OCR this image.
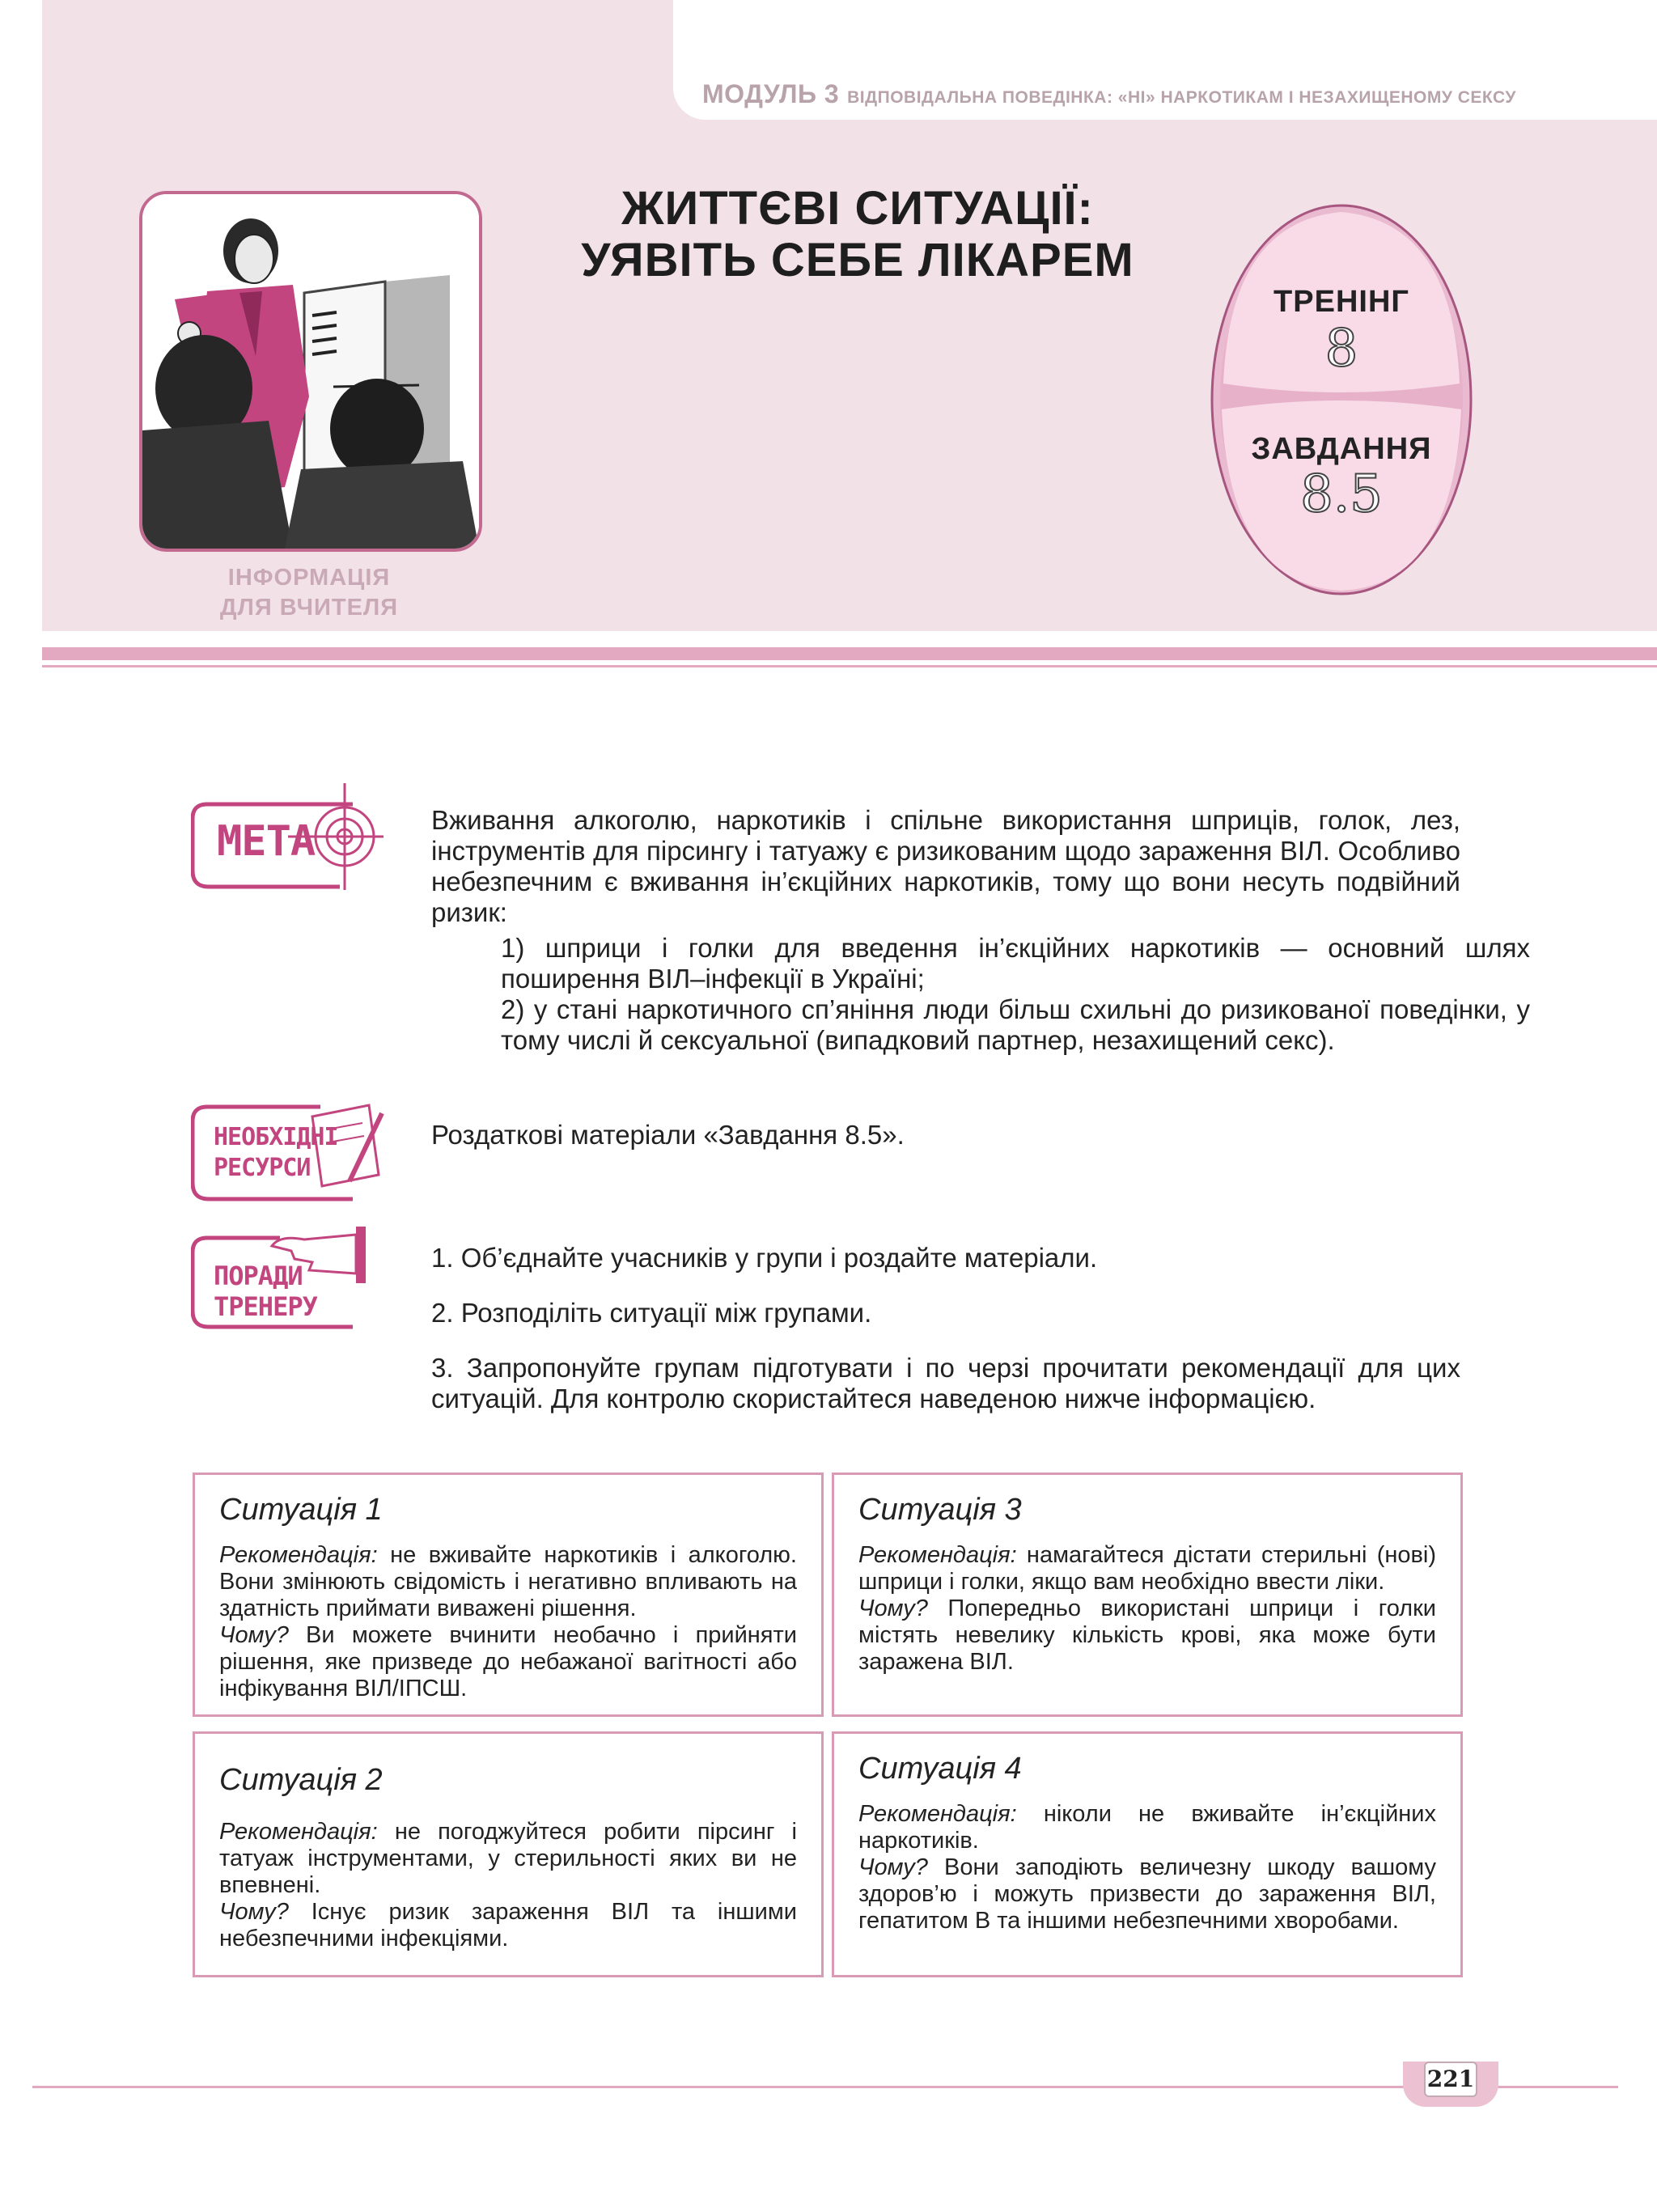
МОДУЛЬ 3 ВІДПОВІДАЛЬНА ПОВЕДІНКА: «НІ» НАРКОТИКАМ І НЕЗАХИЩЕНОМУ СЕКСУ
ІНФОРМАЦІЯ
ДЛЯ ВЧИТЕЛЯ
ЖИТТЄВІ СИТУАЦІЇ:
УЯВІТЬ СЕБЕ ЛІКАРЕМ
ТРЕНІНГ
8
ЗАВДАННЯ
8.5
МЕТА	Вживання алкоголю, наркотиків і спільне використання шприців, голок, лез, інструментів для пірсингу і татуажу є ризикованим щодо зараження ВІЛ. Особливо небезпечним є вживання ін’єкційних наркотиків, тому що вони несуть подвійний ризик:

1) шприци і голки для введення ін’єкційних наркотиків — основний шлях поширення ВІЛ–інфекції в Україні;

2) у стані наркотичного сп’яніння люди більш схильні до ризикованої поведінки, у тому числі й сексуальної (випадковий партнер, незахищений секс).

НЕОБХІДНІ
РЕСУРСИ

Роздаткові матеріали «Завдання 8.5».

ПОРАДИ
ТРЕНЕРУ

1. Об’єднайте учасників у групи і роздайте матеріали.

2. Розподіліть ситуації між групами.

3. Запропонуйте групам підготувати і по черзі прочитати рекомендації для цих ситуацій. Для контролю скористайтеся наведеною нижче інформацією.

Ситуація 1
Рекомендація: не вживайте наркотиків і алкоголю. Вони змінюють свідомість і негативно впливають на здатність приймати виважені рішення.
Чому? Ви можете вчинити необачно і прийняти рішення, яке призведе до небажаної вагітності або інфікування ВІЛ/ІПСШ.
Ситуація 3
Рекомендація: намагайтеся дістати стерильні (нові) шприци і голки, якщо вам необхідно ввести ліки.
Чому? Попередньо використані шприци і голки містять невелику кількість крові, яка може бути заражена ВІЛ.
Ситуація 2
Рекомендація: не погоджуйтеся робити пірсинг і татуаж інструментами, у стерильності яких ви не впевнені.
Чому? Існує ризик зараження ВІЛ та іншими небезпечними інфекціями.
Ситуація 4
Рекомендація: ніколи не вживайте ін’єкційних наркотиків.
Чому? Вони заподіють величезну шкоду вашому здоров’ю і можуть призвести до зараження ВІЛ, гепатитом В та іншими небезпечними хворобами.
221
